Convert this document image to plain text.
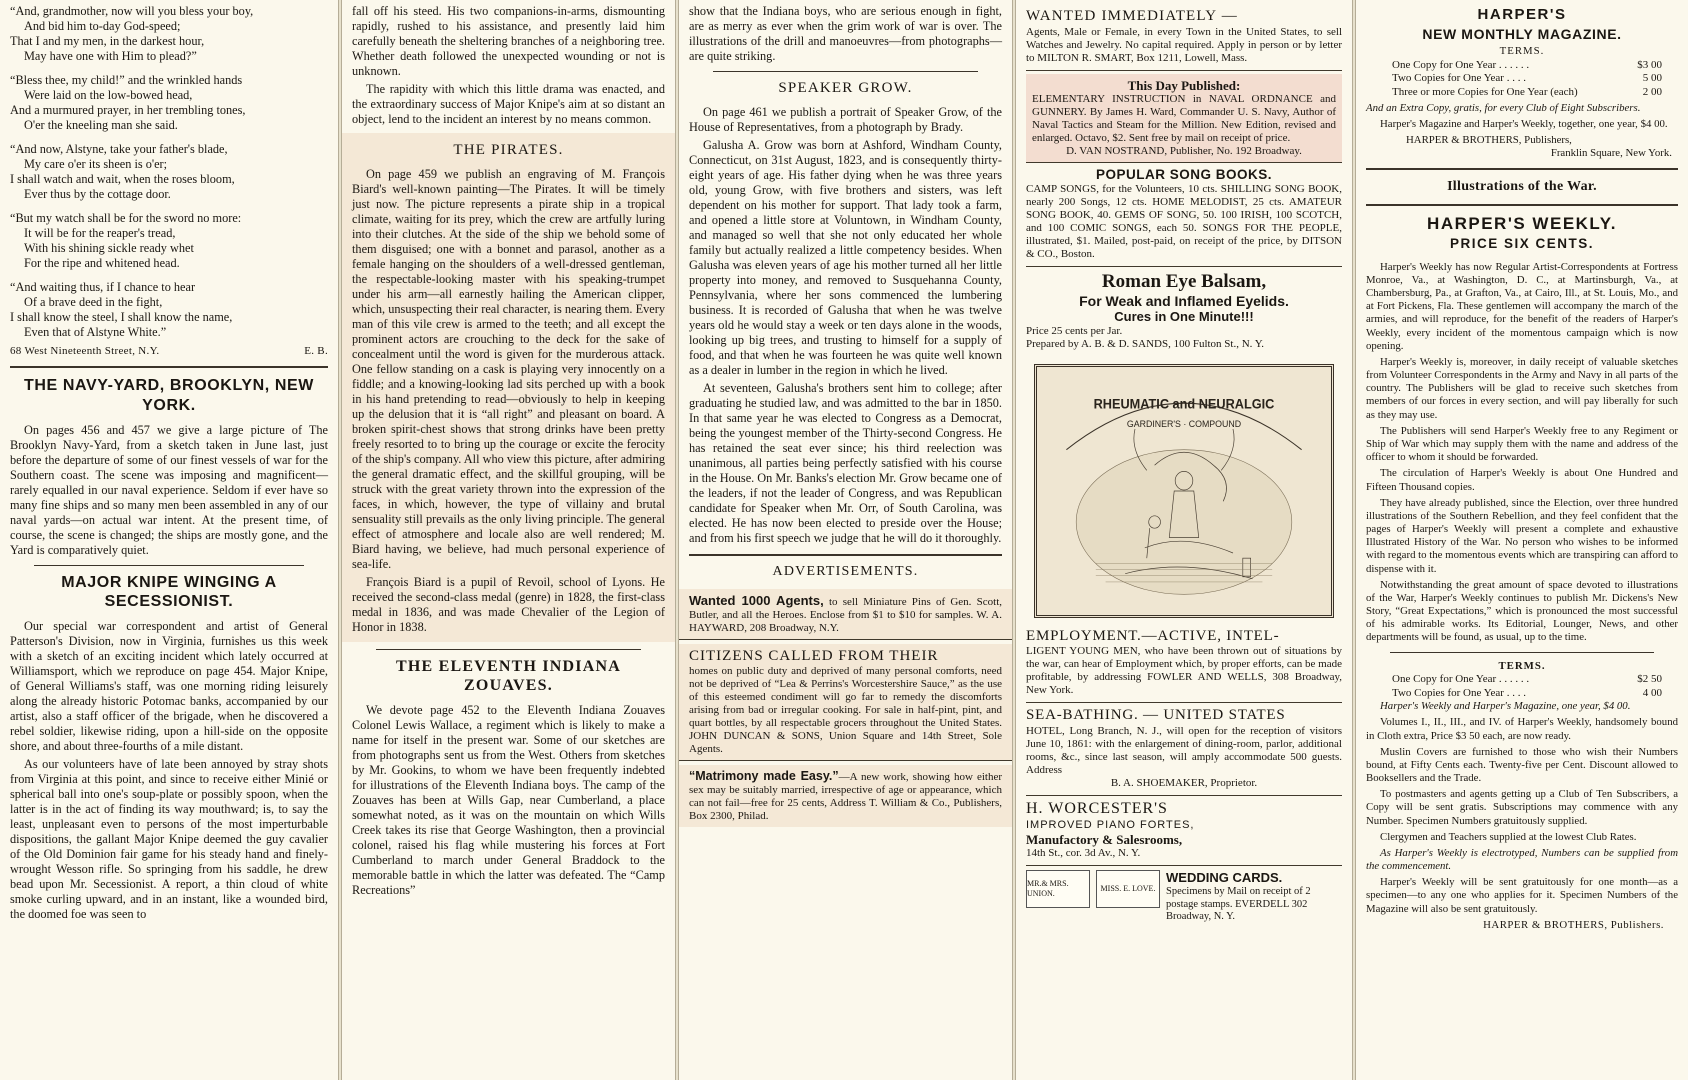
“And, grandmother, now will you bless your boy,
And bid him to-day God-speed;
That I and my men, in the darkest hour,
May have one with Him to plead?”
“Bless thee, my child!” and the wrinkled hands
Were laid on the low-bowed head,
And a murmured prayer, in her trembling tones,
O'er the kneeling man she said.
“And now, Alstyne, take your father's blade,
My care o'er its sheen is o'er;
I shall watch and wait, when the roses bloom,
Ever thus by the cottage door.
“But my watch shall be for the sword no more:
It will be for the reaper's tread,
With his shining sickle ready whet
For the ripe and whitened head.
“And waiting thus, if I chance to hear
Of a brave deed in the fight,
I shall know the steel, I shall know the name,
Even that of Alstyne White.”
68 West Nineteenth Street, N.Y.	E. B.
THE NAVY-YARD, BROOKLYN, NEW YORK.

On pages 456 and 457 we give a large picture of The Brooklyn Navy-Yard, from a sketch taken in June last, just before the departure of some of our finest vessels of war for the Southern coast. The scene was imposing and magnificent—rarely equalled in our naval experience. Seldom if ever have so many fine ships and so many men been assembled in any of our naval yards—on actual war intent. At the present time, of course, the scene is changed; the ships are mostly gone, and the Yard is comparatively quiet.

MAJOR KNIPE WINGING A SECESSIONIST.

Our special war correspondent and artist of General Patterson's Division, now in Virginia, furnishes us this week with a sketch of an exciting incident which lately occurred at Williamsport, which we reproduce on page 454. Major Knipe, of General Williams's staff, was one morning riding leisurely along the already historic Potomac banks, accompanied by our artist, also a staff officer of the brigade, when he discovered a rebel soldier, likewise riding, upon a hill-side on the opposite shore, and about three-fourths of a mile distant.

As our volunteers have of late been annoyed by stray shots from Virginia at this point, and since to receive either Minié or spherical ball into one's soup-plate or possibly spoon, when the latter is in the act of finding its way mouthward; is, to say the least, unpleasant even to persons of the most imperturbable dispositions, the gallant Major Knipe deemed the guy cavalier of the Old Dominion fair game for his steady hand and finely-wrought Wesson rifle. So springing from his saddle, he drew bead upon Mr. Secessionist. A report, a thin cloud of white smoke curling upward, and in an instant, like a wounded bird, the doomed foe was seen to

fall off his steed. His two companions-in-arms, dismounting rapidly, rushed to his assistance, and presently laid him carefully beneath the sheltering branches of a neighboring tree. Whether death followed the unexpected wounding or not is unknown.

The rapidity with which this little drama was enacted, and the extraordinary success of Major Knipe's aim at so distant an object, lend to the incident an interest by no means common.

THE PIRATES.

On page 459 we publish an engraving of M. François Biard's well-known painting—The Pirates. It will be timely just now. The picture represents a pirate ship in a tropical climate, waiting for its prey, which the crew are artfully luring into their clutches. At the side of the ship we behold some of them disguised; one with a bonnet and parasol, another as a female hanging on the shoulders of a well-dressed gentleman, the respectable-looking master with his speaking-trumpet under his arm—all earnestly hailing the American clipper, which, unsuspecting their real character, is nearing them. Every man of this vile crew is armed to the teeth; and all except the prominent actors are crouching to the deck for the sake of concealment until the word is given for the murderous attack. One fellow standing on a cask is playing very innocently on a fiddle; and a knowing-looking lad sits perched up with a book in his hand pretending to read—obviously to help in keeping up the delusion that it is “all right” and pleasant on board. A broken spirit-chest shows that strong drinks have been pretty freely resorted to to bring up the courage or excite the ferocity of the ship's company. All who view this picture, after admiring the general dramatic effect, and the skillful grouping, will be struck with the great variety thrown into the expression of the faces, in which, however, the type of villainy and brutal sensuality still prevails as the only living principle. The general effect of atmosphere and locale also are well rendered; M. Biard having, we believe, had much personal experience of sea-life.

François Biard is a pupil of Revoil, school of Lyons. He received the second-class medal (genre) in 1828, the first-class medal in 1836, and was made Chevalier of the Legion of Honor in 1838.

THE ELEVENTH INDIANA ZOUAVES.

We devote page 452 to the Eleventh Indiana Zouaves Colonel Lewis Wallace, a regiment which is likely to make a name for itself in the present war. Some of our sketches are from photographs sent us from the West. Others from sketches by Mr. Gookins, to whom we have been frequently indebted for illustrations of the Eleventh Indiana boys. The camp of the Zouaves has been at Wills Gap, near Cumberland, a place somewhat noted, as it was on the mountain on which Wills Creek takes its rise that George Washington, then a provincial colonel, raised his flag while mustering his forces at Fort Cumberland to march under General Braddock to the memorable battle in which the latter was defeated. The “Camp Recreations”

show that the Indiana boys, who are serious enough in fight, are as merry as ever when the grim work of war is over. The illustrations of the drill and manoeuvres—from photographs—are quite striking.

SPEAKER GROW.

On page 461 we publish a portrait of Speaker Grow, of the House of Representatives, from a photograph by Brady.

Galusha A. Grow was born at Ashford, Windham County, Connecticut, on 31st August, 1823, and is consequently thirty-eight years of age. His father dying when he was three years old, young Grow, with five brothers and sisters, was left dependent on his mother for support. That lady took a farm, and opened a little store at Voluntown, in Windham County, and managed so well that she not only educated her whole family but actually realized a little competency besides. When Galusha was eleven years of age his mother turned all her little property into money, and removed to Susquehanna County, Pennsylvania, where her sons commenced the lumbering business. It is recorded of Galusha that when he was twelve years old he would stay a week or ten days alone in the woods, looking up big trees, and trusting to himself for a supply of food, and that when he was fourteen he was quite well known as a dealer in lumber in the region in which he lived.

At seventeen, Galusha's brothers sent him to college; after graduating he studied law, and was admitted to the bar in 1850. In that same year he was elected to Congress as a Democrat, being the youngest member of the Thirty-second Congress. He has retained the seat ever since; his third reelection was unanimous, all parties being perfectly satisfied with his course in the House. On Mr. Banks's election Mr. Grow became one of the leaders, if not the leader of Congress, and was Republican candidate for Speaker when Mr. Orr, of South Carolina, was elected. He has now been elected to preside over the House; and from his first speech we judge that he will do it thoroughly.

ADVERTISEMENTS.

Wanted 1000 Agents, to sell Miniature Pins of Gen. Scott, Butler, and all the Heroes. Enclose from $1 to $10 for samples. W. A. HAYWARD, 208 Broadway, N.Y.

CITIZENS CALLED FROM THEIR

homes on public duty and deprived of many personal comforts, need not be deprived of “Lea & Perrins's Worcestershire Sauce,” as the use of this esteemed condiment will go far to remedy the discomforts arising from bad or irregular cooking. For sale in half-pint, pint, and quart bottles, by all respectable grocers throughout the United States. JOHN DUNCAN & SONS, Union Square and 14th Street, Sole Agents.

“Matrimony made Easy.”—A new work, showing how either sex may be suitably married, irrespective of age or appearance, which can not fail—free for 25 cents, Address T. William & Co., Publishers, Box 2300, Philad.

WANTED IMMEDIATELY —

Agents, Male or Female, in every Town in the United States, to sell Watches and Jewelry. No capital required. Apply in person or by letter to MILTON R. SMART, Box 1211, Lowell, Mass.

This Day Published:

ELEMENTARY INSTRUCTION in NAVAL ORDNANCE and GUNNERY. By James H. Ward, Commander U. S. Navy, Author of Naval Tactics and Steam for the Million. New Edition, revised and enlarged. Octavo, $2. Sent free by mail on receipt of price.

D. VAN NOSTRAND, Publisher, No. 192 Broadway.

POPULAR SONG BOOKS.

CAMP SONGS, for the Volunteers, 10 cts. SHILLING SONG BOOK, nearly 200 Songs, 12 cts. HOME MELODIST, 25 cts. AMATEUR SONG BOOK, 40. GEMS OF SONG, 50. 100 IRISH, 100 SCOTCH, and 100 COMIC SONGS, each 50. SONGS FOR THE PEOPLE, illustrated, $1. Mailed, post-paid, on receipt of the price, by DITSON & CO., Boston.

Roman Eye Balsam,
For Weak and Inflamed Eyelids.
Cures in One Minute!!!

Price 25 cents per Jar.

Prepared by A. B. & D. SANDS, 100 Fulton St., N. Y.

RHEUMATIC and NEURALGIC
GARDINER'S · COMPOUND
EMPLOYMENT.—ACTIVE, INTEL-

LIGENT YOUNG MEN, who have been thrown out of situations by the war, can hear of Employment which, by proper efforts, can be made profitable, by addressing FOWLER AND WELLS, 308 Broadway, New York.

SEA-BATHING. — UNITED STATES

HOTEL, Long Branch, N. J., will open for the reception of visitors June 10, 1861: with the enlargement of dining-room, parlor, additional rooms, &c., since last season, will amply accommodate 500 guests. Address

B. A. SHOEMAKER, Proprietor.

H. WORCESTER'S
IMPROVED PIANO FORTES,
Manufactory & Salesrooms,
14th St., cor. 3d Av., N. Y.
MR.& MRS. UNION.
MISS. E. LOVE.
WEDDING CARDS.
Specimens by Mail on receipt of 2 postage stamps. EVERDELL 302 Broadway, N. Y.
HARPER'S
NEW MONTHLY MAGAZINE.
TERMS.
One Copy for One Year . . . . . .	$3 00
Two Copies for One Year . . . .	5 00
Three or more Copies for One Year (each)	2 00

And an Extra Copy, gratis, for every Club of Eight Subscribers.

Harper's Magazine and Harper's Weekly, together, one year, $4 00.

HARPER & BROTHERS, Publishers,
Franklin Square, New York.
Illustrations of the War.
HARPER'S WEEKLY.
PRICE SIX CENTS.

Harper's Weekly has now Regular Artist-Correspondents at Fortress Monroe, Va., at Washington, D. C., at Martinsburgh, Va., at Chambersburg, Pa., at Grafton, Va., at Cairo, Ill., at St. Louis, Mo., and at Fort Pickens, Fla. These gentlemen will accompany the march of the armies, and will reproduce, for the benefit of the readers of Harper's Weekly, every incident of the momentous campaign which is now opening.

Harper's Weekly is, moreover, in daily receipt of valuable sketches from Volunteer Correspondents in the Army and Navy in all parts of the country. The Publishers will be glad to receive such sketches from members of our forces in every section, and will pay liberally for such as they may use.

The Publishers will send Harper's Weekly free to any Regiment or Ship of War which may supply them with the name and address of the officer to whom it should be forwarded.

The circulation of Harper's Weekly is about One Hundred and Fifteen Thousand copies.

They have already published, since the Election, over three hundred illustrations of the Southern Rebellion, and they feel confident that the pages of Harper's Weekly will present a complete and exhaustive Illustrated History of the War. No person who wishes to be informed with regard to the momentous events which are transpiring can afford to dispense with it.

Notwithstanding the great amount of space devoted to illustrations of the War, Harper's Weekly continues to publish Mr. Dickens's New Story, “Great Expectations,” which is pronounced the most successful of his admirable works. Its Editorial, Lounger, News, and other departments will be found, as usual, up to the time.

TERMS.
One Copy for One Year . . . . . .	$2 50
Two Copies for One Year . . . .	4 00

Harper's Weekly and Harper's Magazine, one year, $4 00.

Volumes I., II., III., and IV. of Harper's Weekly, handsomely bound in Cloth extra, Price $3 50 each, are now ready.

Muslin Covers are furnished to those who wish their Numbers bound, at Fifty Cents each. Twenty-five per Cent. Discount allowed to Booksellers and the Trade.

To postmasters and agents getting up a Club of Ten Subscribers, a Copy will be sent gratis. Subscriptions may commence with any Number. Specimen Numbers gratuitously supplied.

Clergymen and Teachers supplied at the lowest Club Rates.

As Harper's Weekly is electrotyped, Numbers can be supplied from the commencement.

Harper's Weekly will be sent gratuitously for one month—as a specimen—to any one who applies for it. Specimen Numbers of the Magazine will also be sent gratuitously.

HARPER & BROTHERS, Publishers.
